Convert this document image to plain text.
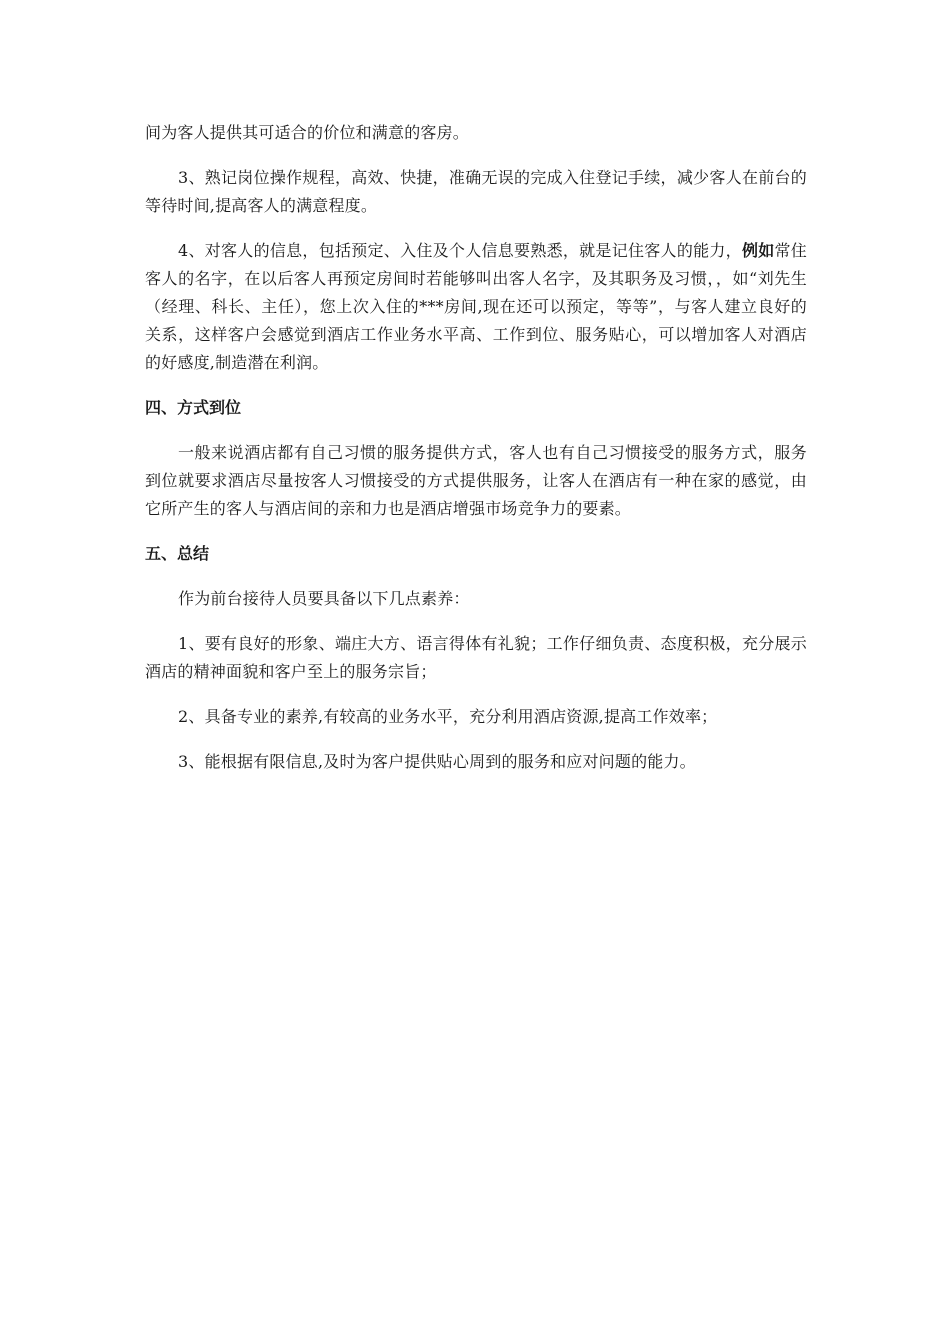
间为客人提供其可适合的价位和满意的客房。

3、熟记岗位操作规程，高效、快捷，准确无误的完成入住登记手续，减少客人在前台的等待时间,提高客人的满意程度。

4、对客人的信息，包括预定、入住及个人信息要熟悉，就是记住客人的能力，例如常住客人的名字，在以后客人再预定房间时若能够叫出客人名字，及其职务及习惯，，如“刘先生（经理、科长、主任），您上次入住的***房间,现在还可以预定，等等”，与客人建立良好的关系，这样客户会感觉到酒店工作业务水平高、工作到位、服务贴心，可以增加客人对酒店的好感度,制造潜在利润。

四、方式到位

一般来说酒店都有自己习惯的服务提供方式，客人也有自己习惯接受的服务方式，服务到位就要求酒店尽量按客人习惯接受的方式提供服务，让客人在酒店有一种在家的感觉，由它所产生的客人与酒店间的亲和力也是酒店增强市场竞争力的要素。

五、总结

作为前台接待人员要具备以下几点素养：

1、要有良好的形象、端庄大方、语言得体有礼貌；工作仔细负责、态度积极，充分展示酒店的精神面貌和客户至上的服务宗旨；

2、具备专业的素养,有较高的业务水平，充分利用酒店资源,提高工作效率；

3、能根据有限信息,及时为客户提供贴心周到的服务和应对问题的能力。
